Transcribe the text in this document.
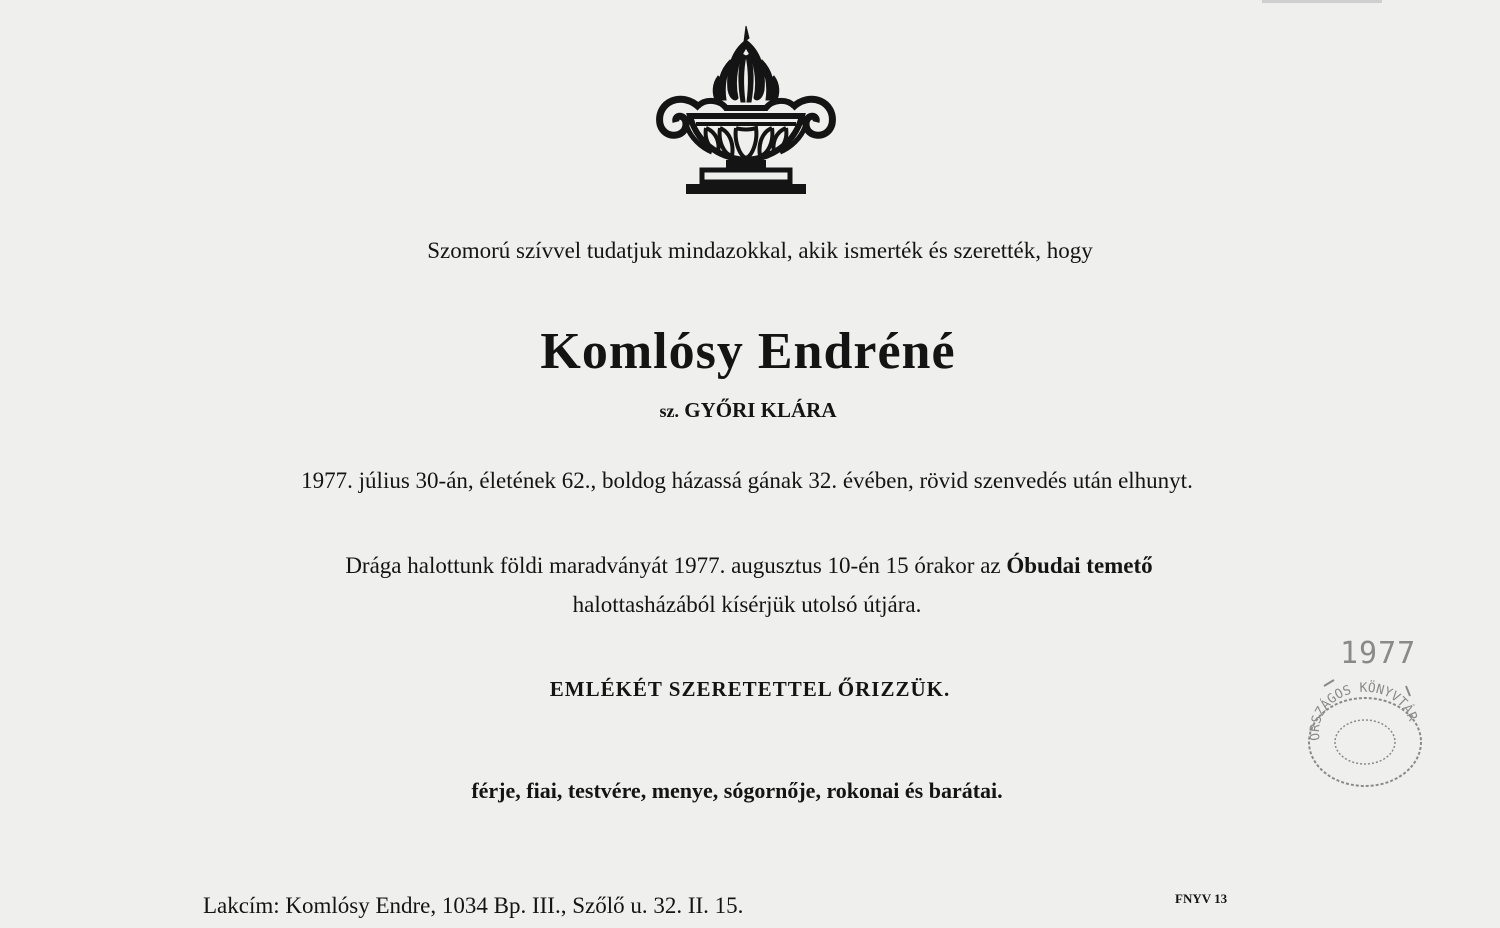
Szomorú szívvel tudatjuk mindazokkal, akik ismerték és szerették, hogy
Komlósy Endréné
sz. GYŐRI KLÁRA
1977. július 30-án, életének 62., boldog házassá gának 32. évében, rövid szenvedés után elhunyt.
Drága halottunk földi maradványát 1977. augusztus 10-én 15 órakor az Óbudai temető
halottasházából kísérjük utolsó útjára.
EMLÉKÉT SZERETETTEL ŐRIZZÜK.
férje, fiai, testvére, menye, sógornője, rokonai és barátai.
Lakcím: Komlósy Endre, 1034 Bp. III., Szőlő u. 32. II. 15.	FNYV 13
1977
ORSZÁGOS KÖNYVTÁR
